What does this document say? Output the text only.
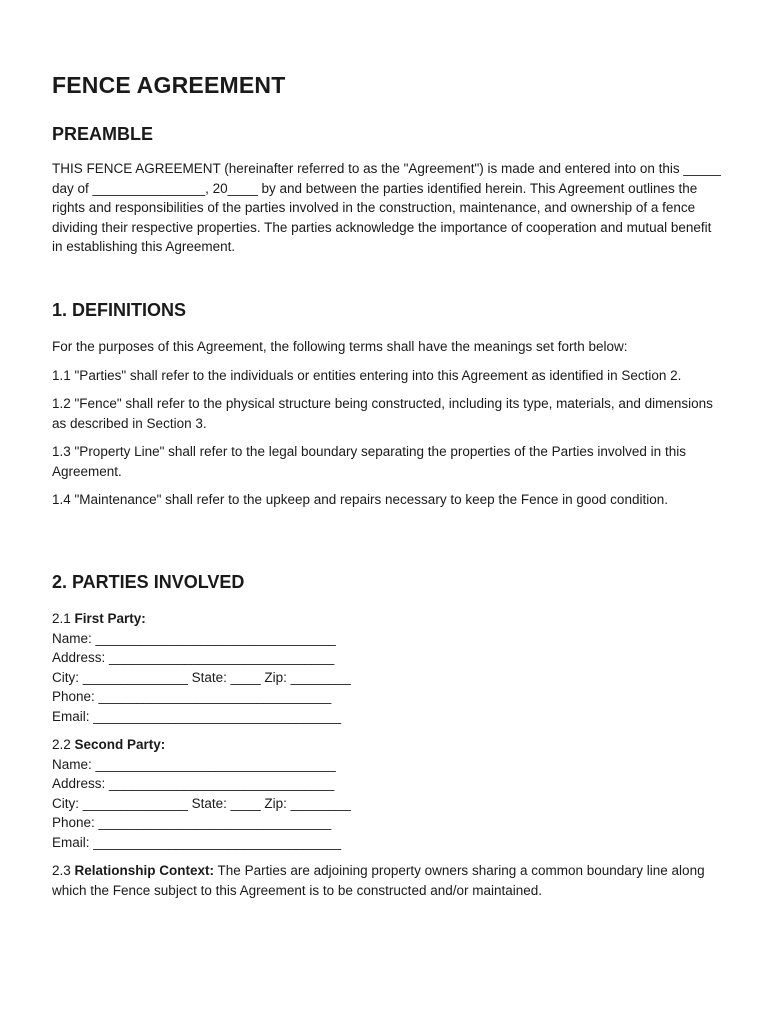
FENCE AGREEMENT
PREAMBLE

THIS FENCE AGREEMENT (hereinafter referred to as the "Agreement") is made and entered into on this _____ day of _______________, 20____ by and between the parties identified herein. This Agreement outlines the rights and responsibilities of the parties involved in the construction, maintenance, and ownership of a fence dividing their respective properties. The parties acknowledge the importance of cooperation and mutual benefit in establishing this Agreement.

1. DEFINITIONS

For the purposes of this Agreement, the following terms shall have the meanings set forth below:

1.1 "Parties" shall refer to the individuals or entities entering into this Agreement as identified in Section 2.

1.2 "Fence" shall refer to the physical structure being constructed, including its type, materials, and dimensions as described in Section 3.

1.3 "Property Line" shall refer to the legal boundary separating the properties of the Parties involved in this Agreement.

1.4 "Maintenance" shall refer to the upkeep and repairs necessary to keep the Fence in good condition.

2. PARTIES INVOLVED
2.1 First Party:
Name: ________________________________
Address: ______________________________
City: ______________ State: ____ Zip: ________
Phone: _______________________________
Email: _________________________________
2.2 Second Party:
Name: ________________________________
Address: ______________________________
City: ______________ State: ____ Zip: ________
Phone: _______________________________
Email: _________________________________

2.3 Relationship Context: The Parties are adjoining property owners sharing a common boundary line along which the Fence subject to this Agreement is to be constructed and/or maintained.
